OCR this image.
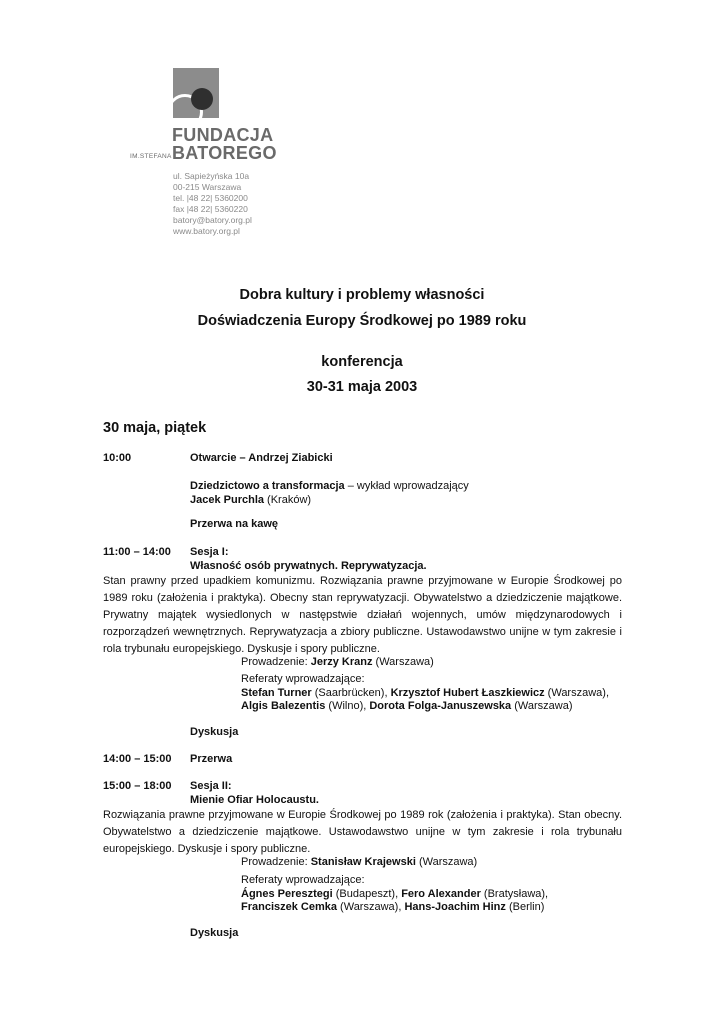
FUNDACJA
IM.STEFANA BATOREGO
ul. Sapieżyńska 10a
00-215 Warszawa
tel. |48 22| 5360200
fax |48 22| 5360220
batory@batory.org.pl
www.batory.org.pl
Dobra kultury i problemy własności
Doświadczenia Europy Środkowej po 1989 roku
konferencja
30-31 maja 2003
30 maja, piątek
10:00	Otwarcie – Andrzej Ziabicki
Dziedzictowo a transformacja – wykład wprowadzający
Jacek Purchla (Kraków)
Przerwa na kawę
11:00 – 14:00 Sesja I:
Własność osób prywatnych. Reprywatyzacja.
Stan prawny przed upadkiem komunizmu. Rozwiązania prawne przyjmowane w Europie Środkowej po
1989 roku (założenia i praktyka). Obecny stan reprywatyzacji. Obywatelstwo a dziedziczenie majątkowe.
Prywatny majątek wysiedlonych w następstwie działań wojennych, umów międzynarodowych i
rozporządzeń wewnętrznych. Reprywatyzacja a zbiory publiczne. Ustawodawstwo unijne w tym zakresie i
rola trybunału europejskiego. Dyskusje i spory publiczne.
Prowadzenie: Jerzy Kranz (Warszawa)
Referaty wprowadzające:
Stefan Turner (Saarbrücken), Krzysztof Hubert Łaszkiewicz (Warszawa),
Algis Balezentis (Wilno), Dorota Folga-Januszewska (Warszawa)
Dyskusja
14:00 – 15:00 Przerwa
15:00 – 18:00 Sesja II:
Mienie Ofiar Holocaustu.
Rozwiązania prawne przyjmowane w Europie Środkowej po 1989 rok (założenia i praktyka). Stan obecny.
Obywatelstwo a dziedziczenie majątkowe. Ustawodawstwo unijne w tym zakresie i rola trybunału
europejskiego. Dyskusje i spory publiczne.
Prowadzenie: Stanisław Krajewski (Warszawa)
Referaty wprowadzające:
Ágnes Peresztegi (Budapeszt), Fero Alexander (Bratysława),
Franciszek Cemka (Warszawa), Hans-Joachim Hinz (Berlin)
Dyskusja
